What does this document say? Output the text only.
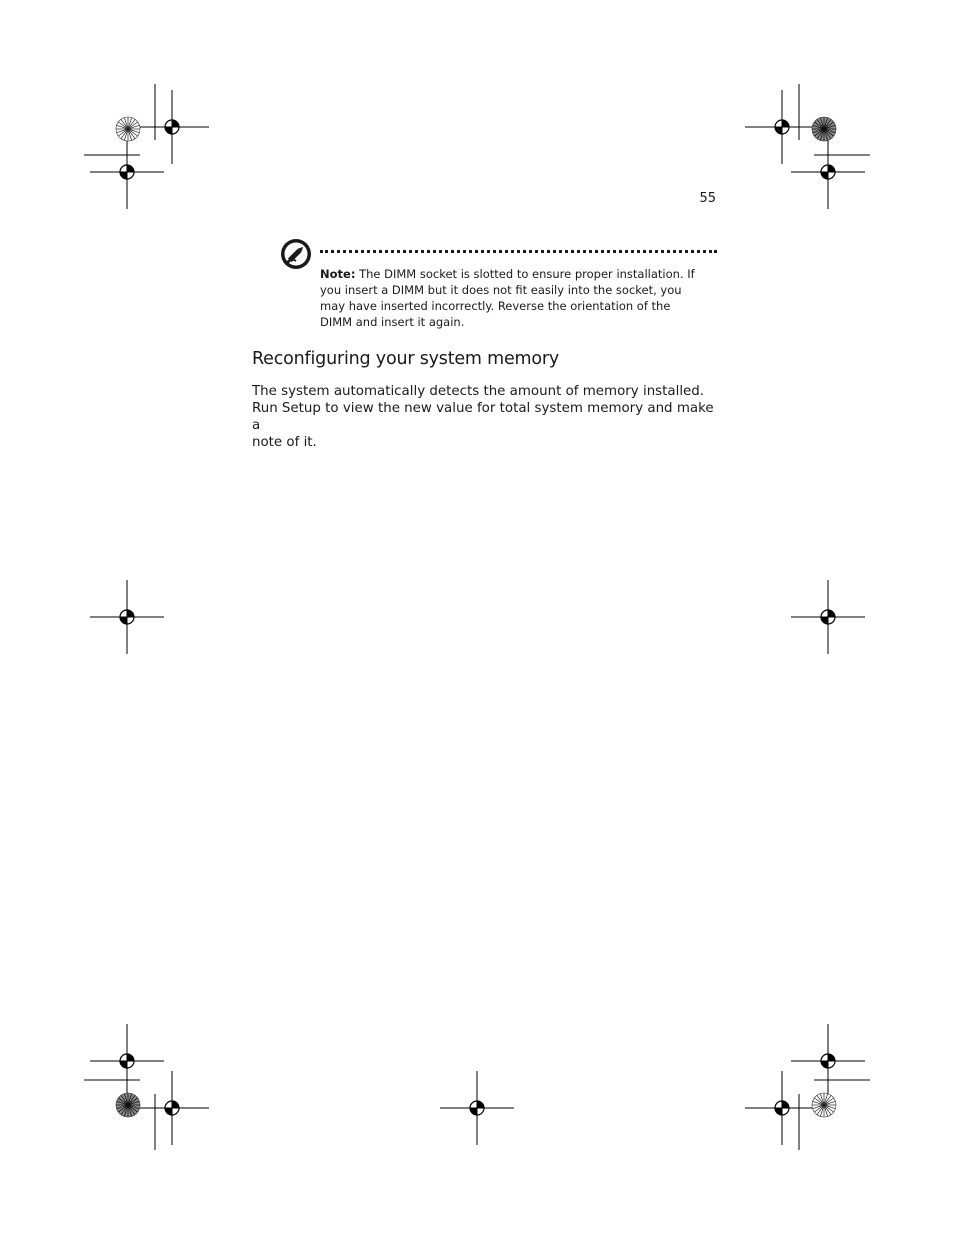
55
Note: The DIMM socket is slotted to ensure proper installation. If
you insert a DIMM but it does not fit easily into the socket, you
may have inserted incorrectly. Reverse the orientation of the
DIMM and insert it again.
Reconfiguring your system memory

The system automatically detects the amount of memory installed.
Run Setup to view the new value for total system memory and make a
note of it.
